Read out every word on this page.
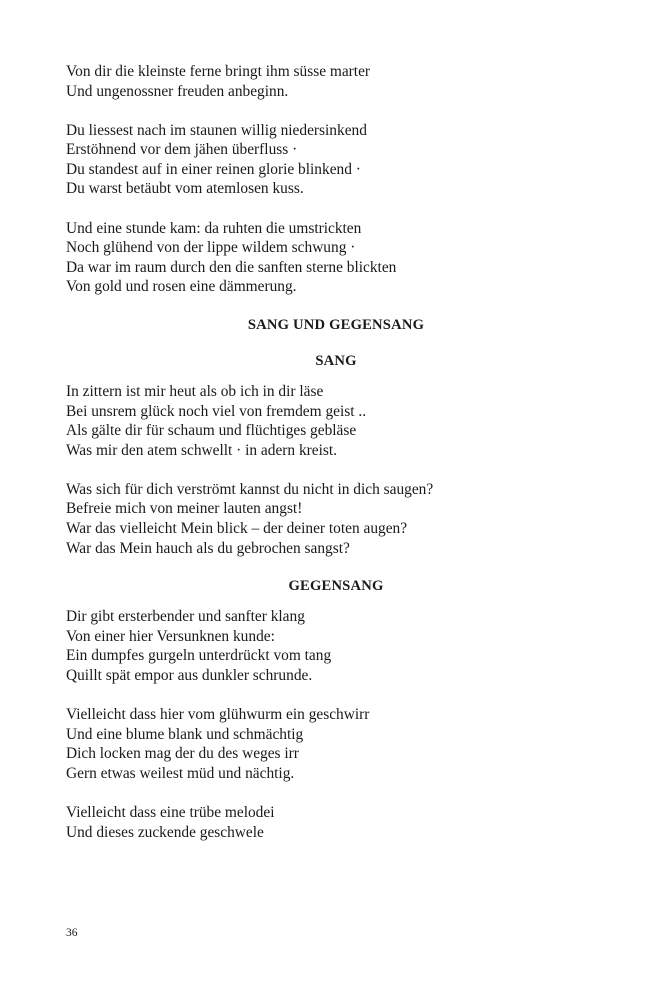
Von dir die kleinste ferne bringt ihm süsse marter
Und ungenossner freuden anbeginn.
Du liessest nach im staunen willig niedersinkend
Erstöhnend vor dem jähen überfluss ·
Du standest auf in einer reinen glorie blinkend ·
Du warst betäubt vom atemlosen kuss.
Und eine stunde kam: da ruhten die umstrickten
Noch glühend von der lippe wildem schwung ·
Da war im raum durch den die sanften sterne blickten
Von gold und rosen eine dämmerung.
SANG UND GEGENSANG
SANG
In zittern ist mir heut als ob ich in dir läse
Bei unsrem glück noch viel von fremdem geist ..
Als gälte dir für schaum und flüchtiges gebläse
Was mir den atem schwellt · in adern kreist.
Was sich für dich verströmt kannst du nicht in dich saugen?
Befreie mich von meiner lauten angst!
War das vielleicht Mein blick – der deiner toten augen?
War das Mein hauch als du gebrochen sangst?
GEGENSANG
Dir gibt ersterbender und sanfter klang
Von einer hier Versunknen kunde:
Ein dumpfes gurgeln unterdrückt vom tang
Quillt spät empor aus dunkler schrunde.
Vielleicht dass hier vom glühwurm ein geschwirr
Und eine blume blank und schmächtig
Dich locken mag der du des weges irr
Gern etwas weilest müd und nächtig.
Vielleicht dass eine trübe melodei
Und dieses zuckende geschwele
36
